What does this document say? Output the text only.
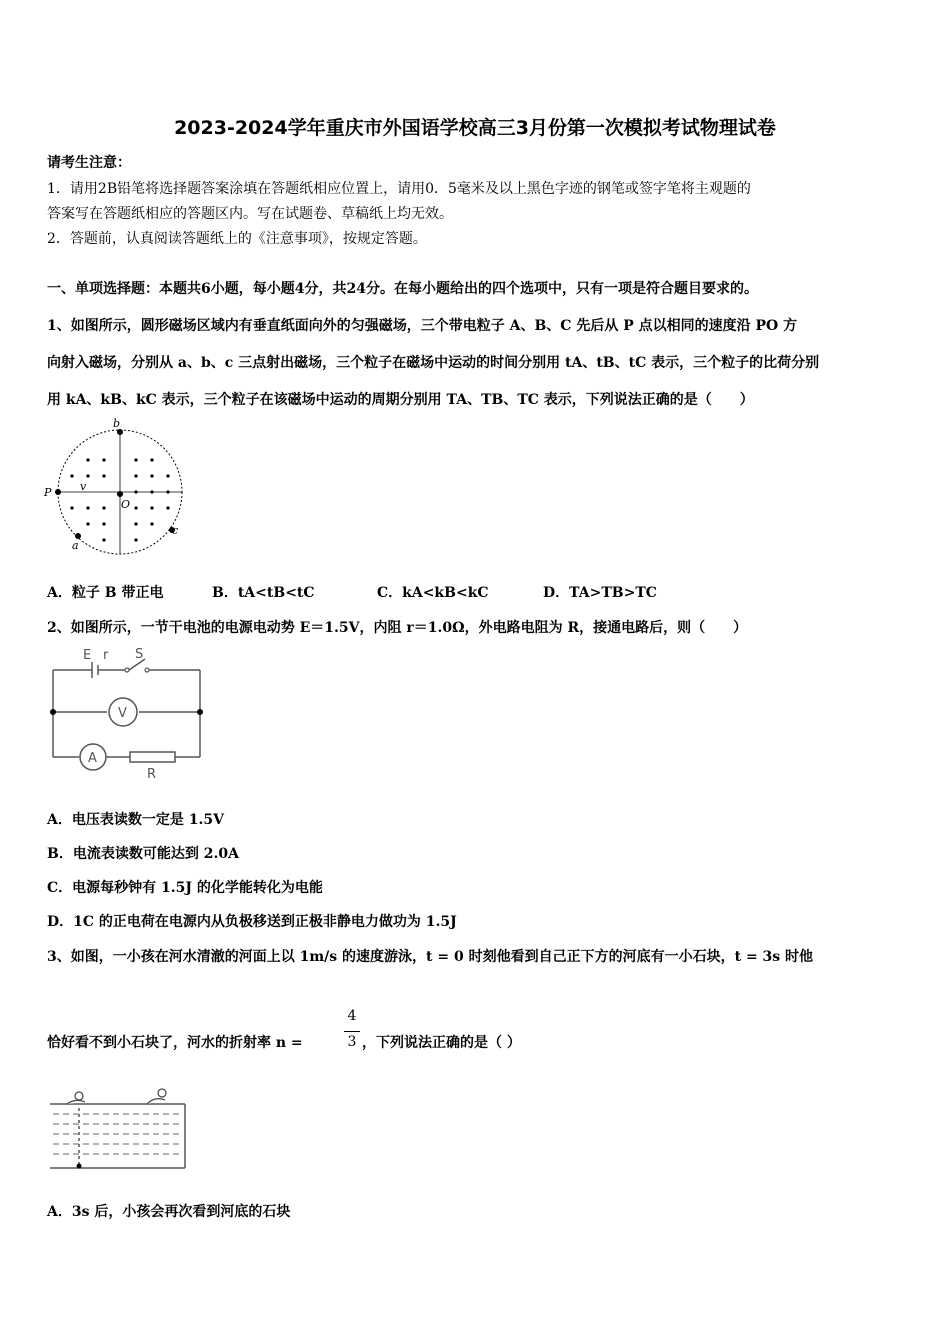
2023-2024学年重庆市外国语学校高三3月份第一次模拟考试物理试卷
请考生注意：
1．请用2B铅笔将选择题答案涂填在答题纸相应位置上，请用0．5毫米及以上黑色字迹的钢笔或签字笔将主观题的
答案写在答题纸相应的答题区内。写在试题卷、草稿纸上均无效。
2．答题前，认真阅读答题纸上的《注意事项》，按规定答题。
一、单项选择题：本题共6小题，每小题4分，共24分。在每小题给出的四个选项中，只有一项是符合题目要求的。
1、如图所示，圆形磁场区域内有垂直纸面向外的匀强磁场，三个带电粒子 A、B、C 先后从 P 点以相同的速度沿 PO 方
向射入磁场，分别从 a、b、c 三点射出磁场，三个粒子在磁场中运动的时间分别用 tA、tB、tC 表示，三个粒子的比荷分别
用 kA、kB、kC 表示，三个粒子在该磁场中运动的周期分别用 TA、TB、TC 表示，下列说法正确的是（　　）
b
P	v
O
a
c
A．粒子 B 带正电	B．tA<tB<tC	C．kA<kB<kC	D．TA>TB>TC
2、如图所示，一节干电池的电源电动势 E＝1.5V，内阻 r＝1.0Ω，外电路电阻为 R，接通电路后，则（　　）
E r S
V
A
R
A．电压表读数一定是 1.5V
B．电流表读数可能达到 2.0A
C．电源每秒钟有 1.5J 的化学能转化为电能
D．1C 的正电荷在电源内从负极移送到正极非静电力做功为 1.5J
3、如图，一小孩在河水清澈的河面上以 1m/s 的速度游泳，t = 0 时刻他看到自己正下方的河底有一小石块，t = 3s 时他
恰好看不到小石块了，河水的折射率 n =
4
3 ，下列说法正确的是（ ）
A．3s 后，小孩会再次看到河底的石块
